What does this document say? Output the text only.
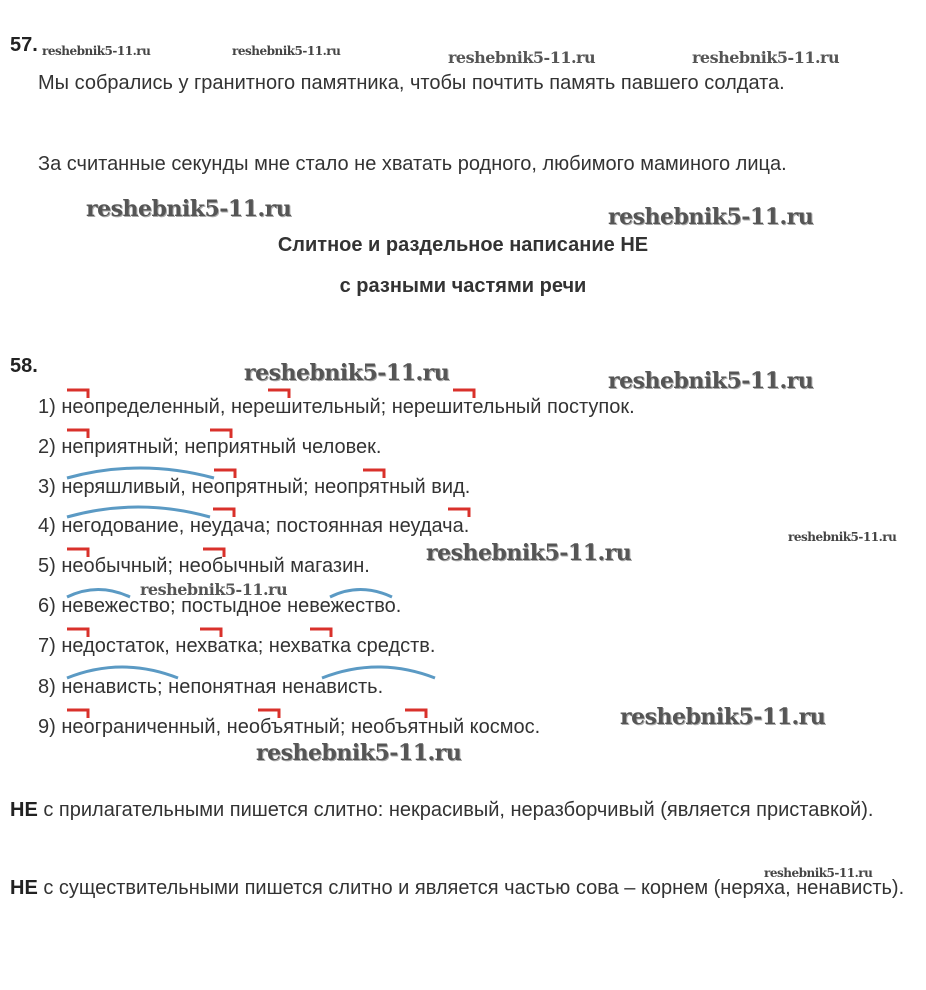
57.
Мы собрались у гранитного памятника, чтобы почтить память павшего солдата.
За считанные секунды мне стало не хватать родного, любимого маминого лица.
Слитное и раздельное написание НЕ
с разными частями речи
58.
1) неопределенный, нерешительный; нерешительный поступок.
2) неприятный; неприятный человек.
3) неряшливый, неопрятный; неопрятный вид.
4) негодование, неудача; постоянная неудача.
5) необычный; необычный магазин.
6) невежество; постыдное невежество.
7) недостаток, нехватка; нехватка средств.
8) ненависть; непонятная ненависть.
9) неограниченный, необъятный; необъятный космос.
НЕ с прилагательными пишется слитно: некрасивый, неразборчивый (является приставкой).
НЕ с существительными пишется слитно и является частью сова – корнем (неряха, ненависть).
reshebnik5-11.ru	reshebnik5-11.ru	reshebnik5-11.ru	reshebnik5-11.ru
reshebnik5-11.ru	reshebnik5-11.ru
reshebnik5-11.ru	reshebnik5-11.ru
reshebnik5-11.ru
reshebnik5-11.ru
reshebnik5-11.ru
reshebnik5-11.ru
reshebnik5-11.ru
reshebnik5-11.ru
